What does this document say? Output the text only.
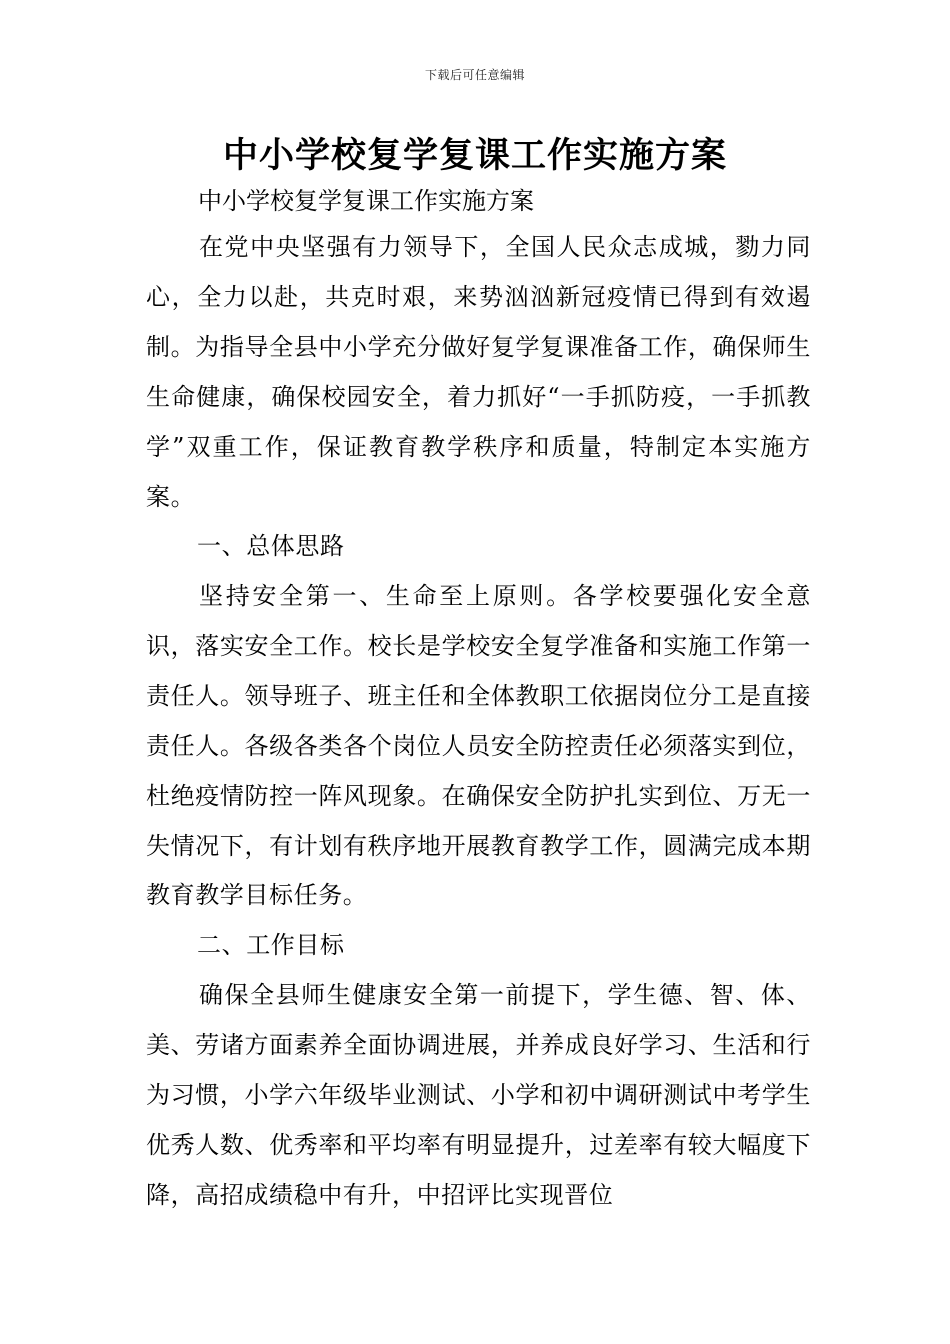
下载后可任意编辑
中小学校复学复课工作实施方案

中小学校复学复课工作实施方案

在党中央坚强有力领导下，全国人民众志成城，勠力同心，全力以赴，共克时艰，来势汹汹新冠疫情已得到有效遏制。为指导全县中小学充分做好复学复课准备工作，确保师生生命健康，确保校园安全，着力抓好“一手抓防疫，一手抓教学”双重工作，保证教育教学秩序和质量，特制定本实施方案。

一、总体思路

坚持安全第一、生命至上原则。各学校要强化安全意识，落实安全工作。校长是学校安全复学准备和实施工作第一责任人。领导班子、班主任和全体教职工依据岗位分工是直接责任人。各级各类各个岗位人员安全防控责任必须落实到位，杜绝疫情防控一阵风现象。在确保安全防护扎实到位、万无一失情况下，有计划有秩序地开展教育教学工作，圆满完成本期教育教学目标任务。

二、工作目标

确保全县师生健康安全第一前提下，学生德、智、体、美、劳诸方面素养全面协调进展，并养成良好学习、生活和行为习惯，小学六年级毕业测试、小学和初中调研测试中考学生优秀人数、优秀率和平均率有明显提升，过差率有较大幅度下降，高招成绩稳中有升，中招评比实现晋位
